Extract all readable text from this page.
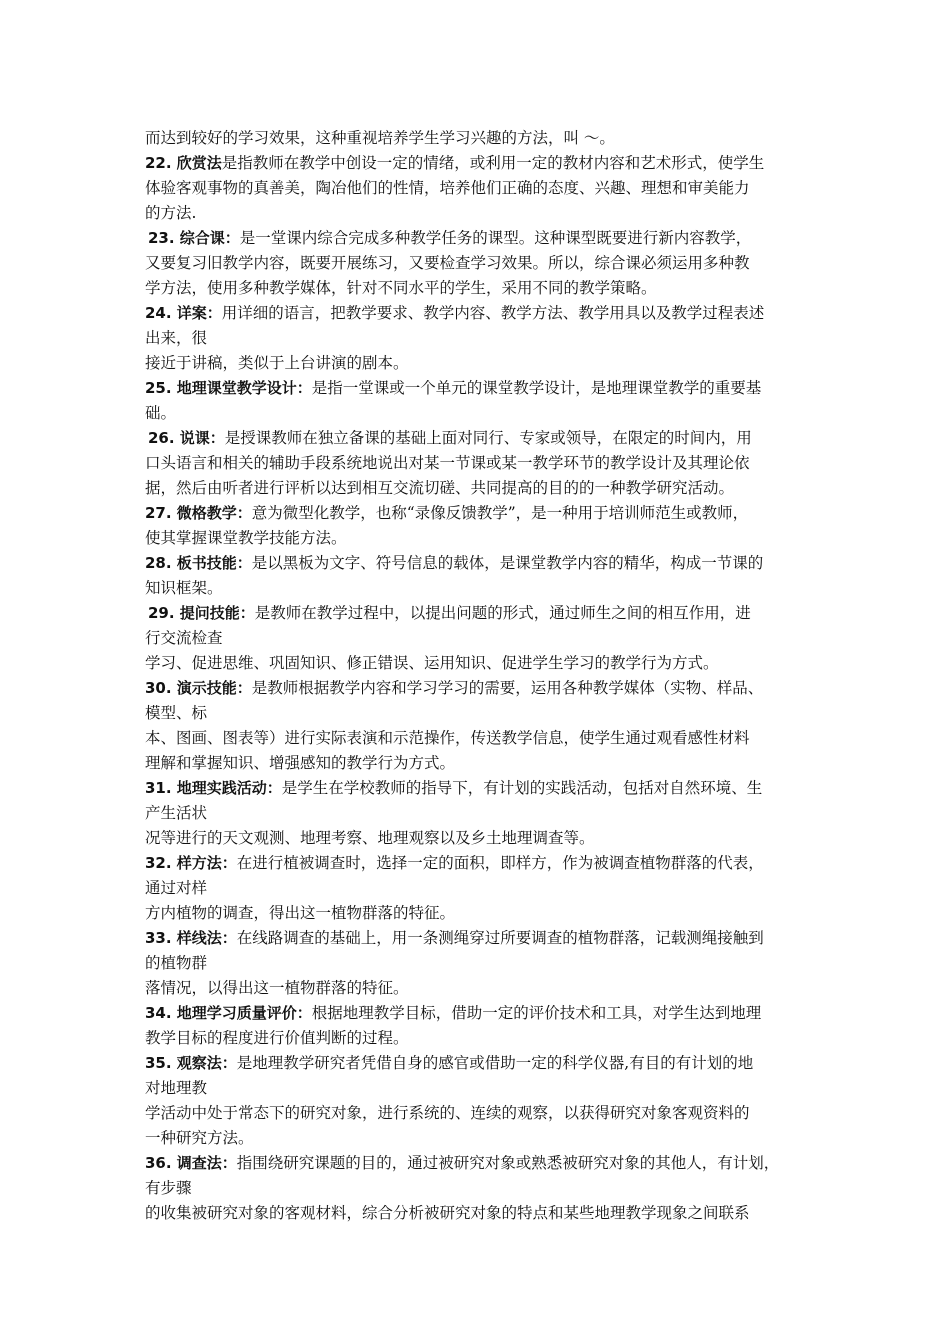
而达到较好的学习效果，这种重视培养学生学习兴趣的方法，叫 ～。
22. 欣赏法是指教师在教学中创设一定的情绪，或利用一定的教材内容和艺术形式，使学生
体验客观事物的真善美，陶冶他们的性情，培养他们正确的态度、兴趣、理想和审美能力
的方法.
23. 综合课：是一堂课内综合完成多种教学任务的课型。这种课型既要进行新内容教学，
又要复习旧教学内容，既要开展练习，又要检查学习效果。所以，综合课必须运用多种教
学方法，使用多种教学媒体，针对不同水平的学生，采用不同的教学策略。
24. 详案：用详细的语言，把教学要求、教学内容、教学方法、教学用具以及教学过程表述
出来，很
接近于讲稿，类似于上台讲演的剧本。
25. 地理课堂教学设计：是指一堂课或一个单元的课堂教学设计，是地理课堂教学的重要基
础。
26. 说课：是授课教师在独立备课的基础上面对同行、专家或领导，在限定的时间内，用
口头语言和相关的辅助手段系统地说出对某一节课或某一教学环节的教学设计及其理论依
据，然后由听者进行评析以达到相互交流切磋、共同提高的目的的一种教学研究活动。
27. 微格教学：意为微型化教学，也称“录像反馈教学”，是一种用于培训师范生或教师，
使其掌握课堂教学技能方法。
28. 板书技能：是以黑板为文字、符号信息的载体，是课堂教学内容的精华，构成一节课的
知识框架。
29. 提问技能：是教师在教学过程中，以提出问题的形式，通过师生之间的相互作用，进
行交流检查
学习、促进思维、巩固知识、修正错误、运用知识、促进学生学习的教学行为方式。
30. 演示技能：是教师根据教学内容和学习学习的需要，运用各种教学媒体（实物、样品、
模型、标
本、图画、图表等）进行实际表演和示范操作，传送教学信息，使学生通过观看感性材料
理解和掌握知识、增强感知的教学行为方式。
31. 地理实践活动：是学生在学校教师的指导下，有计划的实践活动，包括对自然环境、生
产生活状
况等进行的天文观测、地理考察、地理观察以及乡土地理调查等。
32. 样方法：在进行植被调查时，选择一定的面积，即样方，作为被调查植物群落的代表，
通过对样
方内植物的调查，得出这一植物群落的特征。
33. 样线法：在线路调查的基础上，用一条测绳穿过所要调查的植物群落，记载测绳接触到
的植物群
落情况，以得出这一植物群落的特征。
34. 地理学习质量评价：根据地理教学目标，借助一定的评价技术和工具，对学生达到地理
教学目标的程度进行价值判断的过程。
35. 观察法：是地理教学研究者凭借自身的感官或借助一定的科学仪器,有目的有计划的地
对地理教
学活动中处于常态下的研究对象，进行系统的、连续的观察，以获得研究对象客观资料的
一种研究方法。
36. 调查法：指围绕研究课题的目的，通过被研究对象或熟悉被研究对象的其他人，有计划，
有步骤
的收集被研究对象的客观材料，综合分析被研究对象的特点和某些地理教学现象之间联系
